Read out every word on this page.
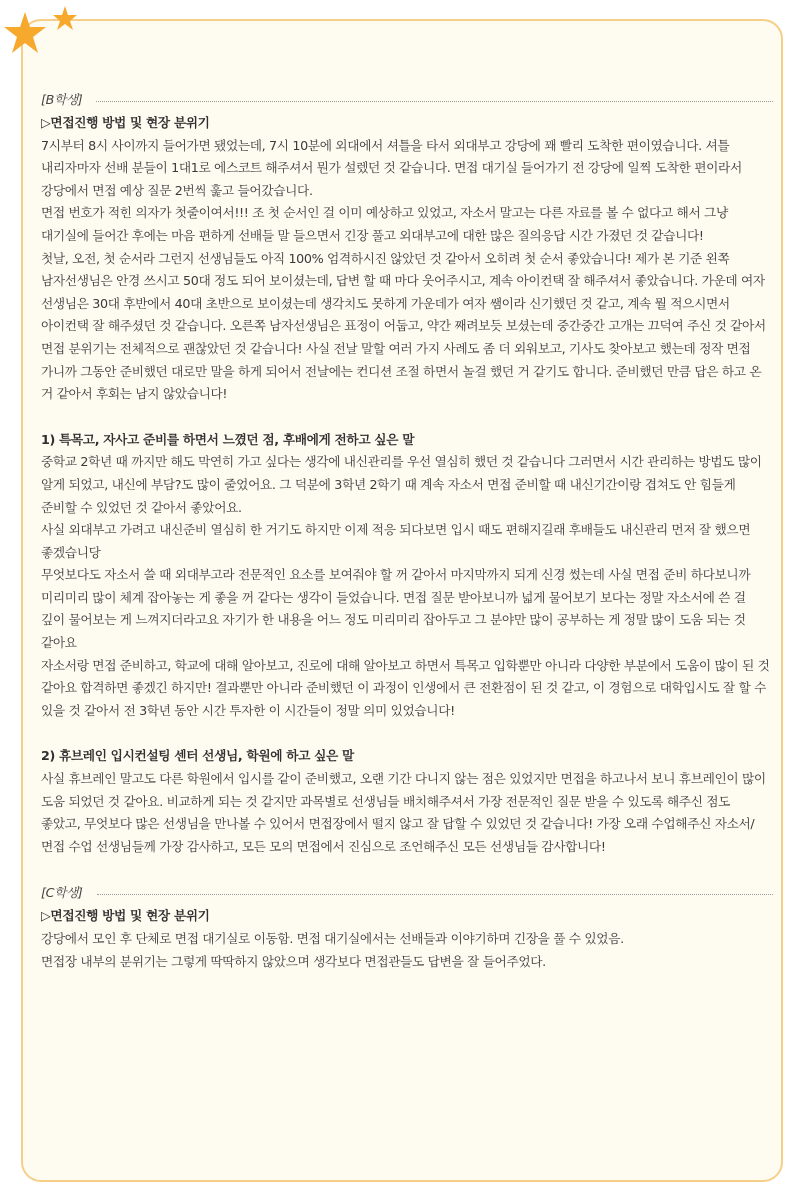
[B학생]

▷면접진행 방법 및 현장 분위기

7시부터 8시 사이까지 들어가면 됐었는데, 7시 10분에 외대에서 셔틀을 타서 외대부고 강당에 꽤 빨리 도착한 편이였습니다. 셔틀 내리자마자 선배 분들이 1대1로 에스코트 해주셔서 뭔가 설렜던 것 같습니다. 면접 대기실 들어가기 전 강당에 일찍 도착한 편이라서 강당에서 면접 예상 질문 2번씩 훑고 들어갔습니다.

면접 번호가 적힌 의자가 첫줄이여서!!! 조 첫 순서인 걸 이미 예상하고 있었고, 자소서 말고는 다른 자료를 볼 수 없다고 해서 그냥 대기실에 들어간 후에는 마음 편하게 선배들 말 들으면서 긴장 풀고 외대부고에 대한 많은 질의응답 시간 가졌던 것 같습니다!

첫날, 오전, 첫 순서라 그런지 선생님들도 아직 100% 엄격하시진 않았던 것 같아서 오히려 첫 순서 좋았습니다! 제가 본 기준 왼쪽 남자선생님은 안경 쓰시고 50대 정도 되어 보이셨는데, 답변 할 때 마다 웃어주시고, 계속 아이컨택 잘 해주셔서 좋았습니다. 가운데 여자 선생님은 30대 후반에서 40대 초반으로 보이셨는데 생각치도 못하게 가운데가 여자 쌤이라 신기했던 것 같고, 계속 뭘 적으시면서 아이컨택 잘 해주셨던 것 같습니다. 오른쪽 남자선생님은 표정이 어둡고, 약간 째려보듯 보셨는데 중간중간 고개는 끄덕여 주신 것 같아서 면접 분위기는 전체적으로 괜찮았던 것 같습니다! 사실 전날 말할 여러 가지 사례도 좀 더 외워보고, 기사도 찾아보고 했는데 정작 면접 가니까 그동안 준비했던 대로만 말을 하게 되어서 전날에는 컨디션 조절 하면서 놀걸 했던 거 같기도 합니다. 준비했던 만큼 답은 하고 온 거 같아서 후회는 남지 않았습니다!

1) 특목고, 자사고 준비를 하면서 느꼈던 점, 후배에게 전하고 싶은 말

중학교 2학년 때 까지만 해도 막연히 가고 싶다는 생각에 내신관리를 우선 열심히 했던 것 같습니다 그러면서 시간 관리하는 방법도 많이 알게 되었고, 내신에 부담?도 많이 줄었어요. 그 덕분에 3학년 2학기 때 계속 자소서 면접 준비할 때 내신기간이랑 겹쳐도 안 힘들게 준비할 수 있었던 것 같아서 좋았어요.

사실 외대부고 가려고 내신준비 열심히 한 거기도 하지만 이제 적응 되다보면 입시 때도 편해지길래 후배들도 내신관리 먼저 잘 했으면 좋겠습니당

무엇보다도 자소서 쓸 때 외대부고라 전문적인 요소를 보여줘야 할 꺼 같아서 마지막까지 되게 신경 썼는데 사실 면접 준비 하다보니까 미리미리 많이 체계 잡아놓는 게 좋을 꺼 같다는 생각이 들었습니다. 면접 질문 받아보니까 넓게 물어보기 보다는 정말 자소서에 쓴 걸 깊이 물어보는 게 느껴지더라고요 자기가 한 내용을 어느 정도 미리미리 잡아두고 그 분야만 많이 공부하는 게 정말 많이 도움 되는 것 같아요

자소서랑 면접 준비하고, 학교에 대해 알아보고, 진로에 대해 알아보고 하면서 특목고 입학뿐만 아니라 다양한 부분에서 도움이 많이 된 것 같아요 합격하면 좋겠긴 하지만! 결과뿐만 아니라 준비했던 이 과정이 인생에서 큰 전환점이 된 것 같고, 이 경험으로 대학입시도 잘 할 수 있을 것 같아서 전 3학년 동안 시간 투자한 이 시간들이 정말 의미 있었습니다!

2) 휴브레인 입시컨설팅 센터 선생님, 학원에 하고 싶은 말

사실 휴브레인 말고도 다른 학원에서 입시를 같이 준비했고, 오랜 기간 다니지 않는 점은 있었지만 면접을 하고나서 보니 휴브레인이 많이 도움 되었던 것 같아요. 비교하게 되는 것 같지만 과목별로 선생님들 배치해주셔서 가장 전문적인 질문 받을 수 있도록 해주신 점도 좋았고, 무엇보다 많은 선생님을 만나볼 수 있어서 면접장에서 떨지 않고 잘 답할 수 있었던 것 같습니다! 가장 오래 수업해주신 자소서/면접 수업 선생님들께 가장 감사하고, 모든 모의 면접에서 진심으로 조언해주신 모든 선생님들 감사합니다!

[C학생]

▷면접진행 방법 및 현장 분위기

강당에서 모인 후 단체로 면접 대기실로 이동함. 면접 대기실에서는 선배들과 이야기하며 긴장을 풀 수 있었음.

면접장 내부의 분위기는 그렇게 딱딱하지 않았으며 생각보다 면접관들도 답변을 잘 들어주었다.
